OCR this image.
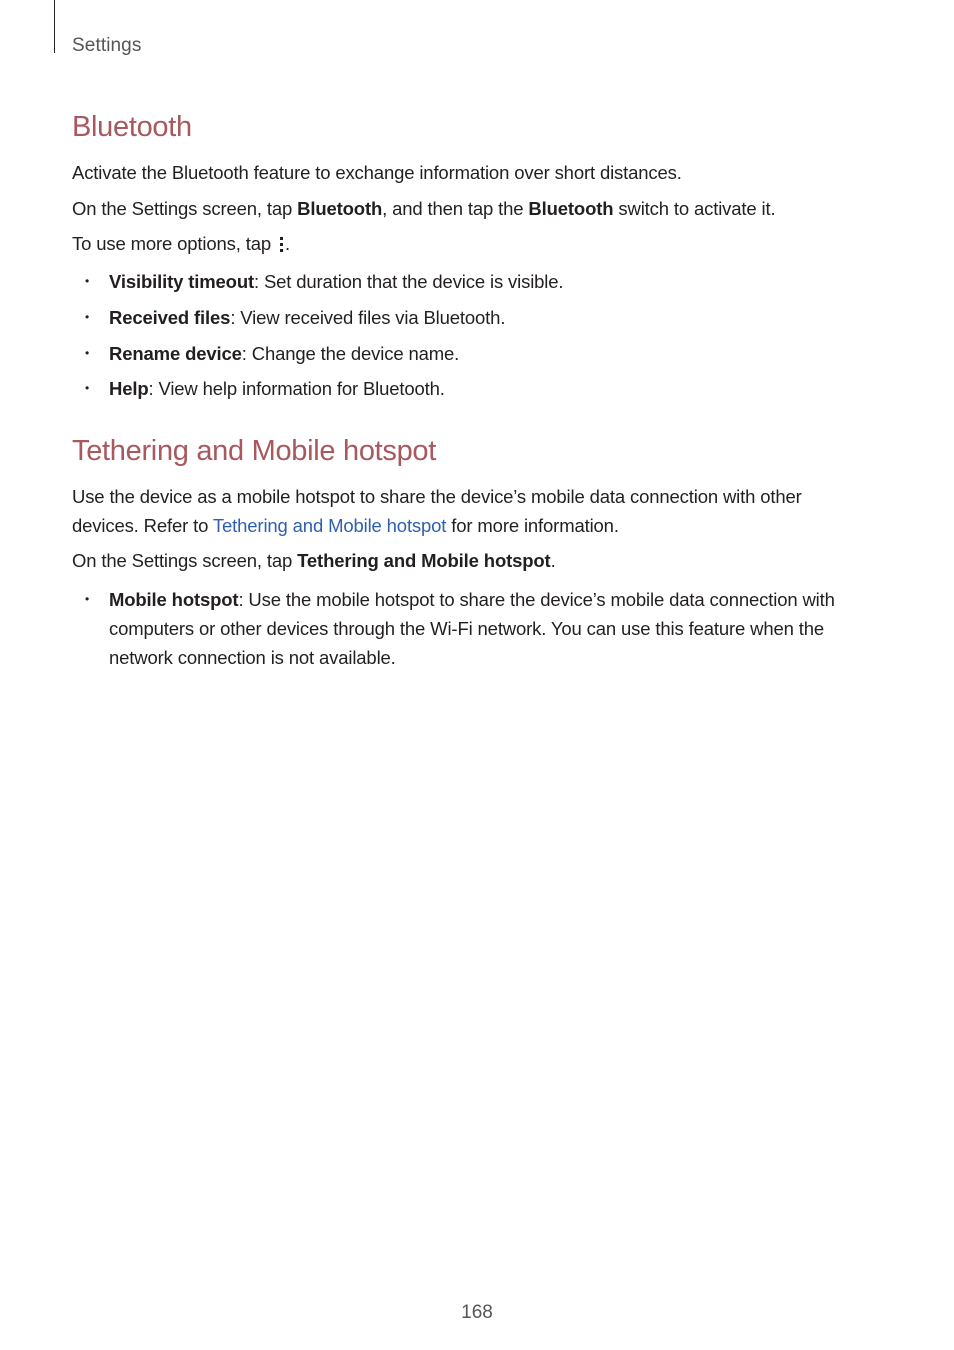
Settings
Bluetooth

Activate the Bluetooth feature to exchange information over short distances.

On the Settings screen, tap Bluetooth, and then tap the Bluetooth switch to activate it.

To use more options, tap
.

•	Visibility timeout: Set duration that the device is visible.
•	Received files: View received files via Bluetooth.
•	Rename device: Change the device name.
•	Help: View help information for Bluetooth.
Tethering and Mobile hotspot

Use the device as a mobile hotspot to share the device’s mobile data connection with other devices. Refer to Tethering and Mobile hotspot for more information.

On the Settings screen, tap Tethering and Mobile hotspot.

•	Mobile hotspot: Use the mobile hotspot to share the device’s mobile data connection with computers or other devices through the Wi-Fi network. You can use this feature when the network connection is not available.
168
